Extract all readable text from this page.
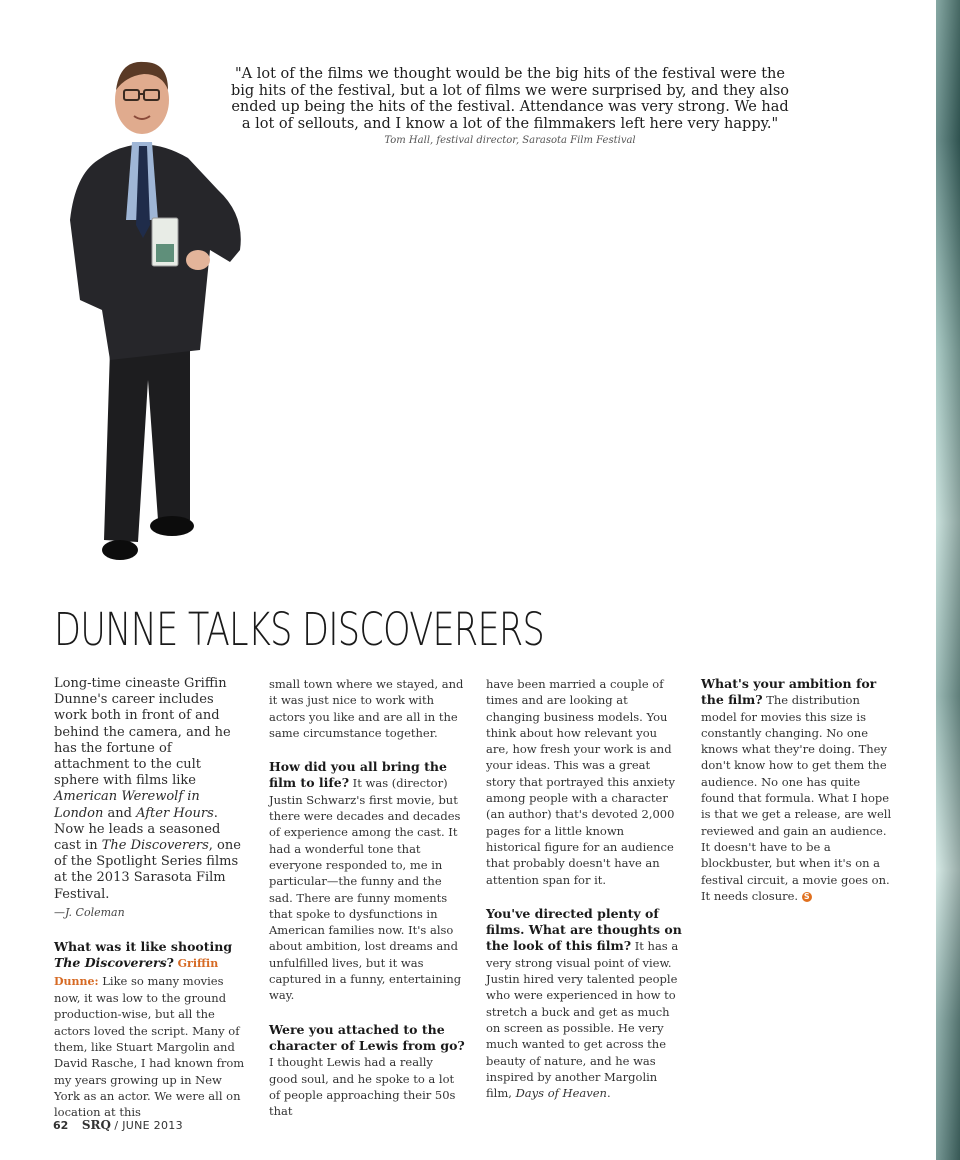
"A lot of the films we thought would be the big hits of the festival were the big hits of the festival, but a lot of films we were surprised by, and they also ended up being the hits of the festival. Attendance was very strong. We had a lot of sellouts, and I know a lot of the filmmakers left here very happy."

Tom Hall, festival director, Sarasota Film Festival
DUNNE TALKS DISCOVERERS

Long-time cineaste Griffin Dunne's career includes work both in front of and behind the camera, and he has the fortune of attachment to the cult sphere with films like American Werewolf in London and After Hours. Now he leads a seasoned cast in The Discoverers, one of the Spotlight Series films at the 2013 Sarasota Film Festival.

—J. Coleman

What was it like shooting The Discoverers? Griffin Dunne: Like so many movies now, it was low to the ground production-wise, but all the actors loved the script. Many of them, like Stuart Margolin and David Rasche, I had known from my years growing up in New York as an actor. We were all on location at this

small town where we stayed, and it was just nice to work with actors you like and are all in the same circumstance together.

How did you all bring the film to life? It was (director) Justin Schwarz's first movie, but there were decades and decades of experience among the cast. It had a wonderful tone that everyone responded to, me in particular—the funny and the sad. There are funny moments that spoke to dysfunctions in American families now. It's also about ambition, lost dreams and unfulfilled lives, but it was captured in a funny, entertaining way.

Were you attached to the character of Lewis from go? I thought Lewis had a really good soul, and he spoke to a lot of people approaching their 50s that

have been married a couple of times and are looking at changing business models. You think about how relevant you are, how fresh your work is and your ideas. This was a great story that portrayed this anxiety among people with a character (an author) that's devoted 2,000 pages for a little known historical figure for an audience that probably doesn't have an attention span for it.

You've directed plenty of films. What are thoughts on the look of this film? It has a very strong visual point of view. Justin hired very talented people who were experienced in how to stretch a buck and get as much on screen as possible. He very much wanted to get across the beauty of nature, and he was inspired by another Margolin film, Days of Heaven.

What's your ambition for the film? The distribution model for movies this size is constantly changing. No one knows what they're doing. They don't know how to get them the audience. No one has quite found that formula. What I hope is that we get a release, are well reviewed and gain an audience. It doesn't have to be a blockbuster, but when it's on a festival circuit, a movie goes on. It needs closure. S

62 SRQ / JUNE 2013
